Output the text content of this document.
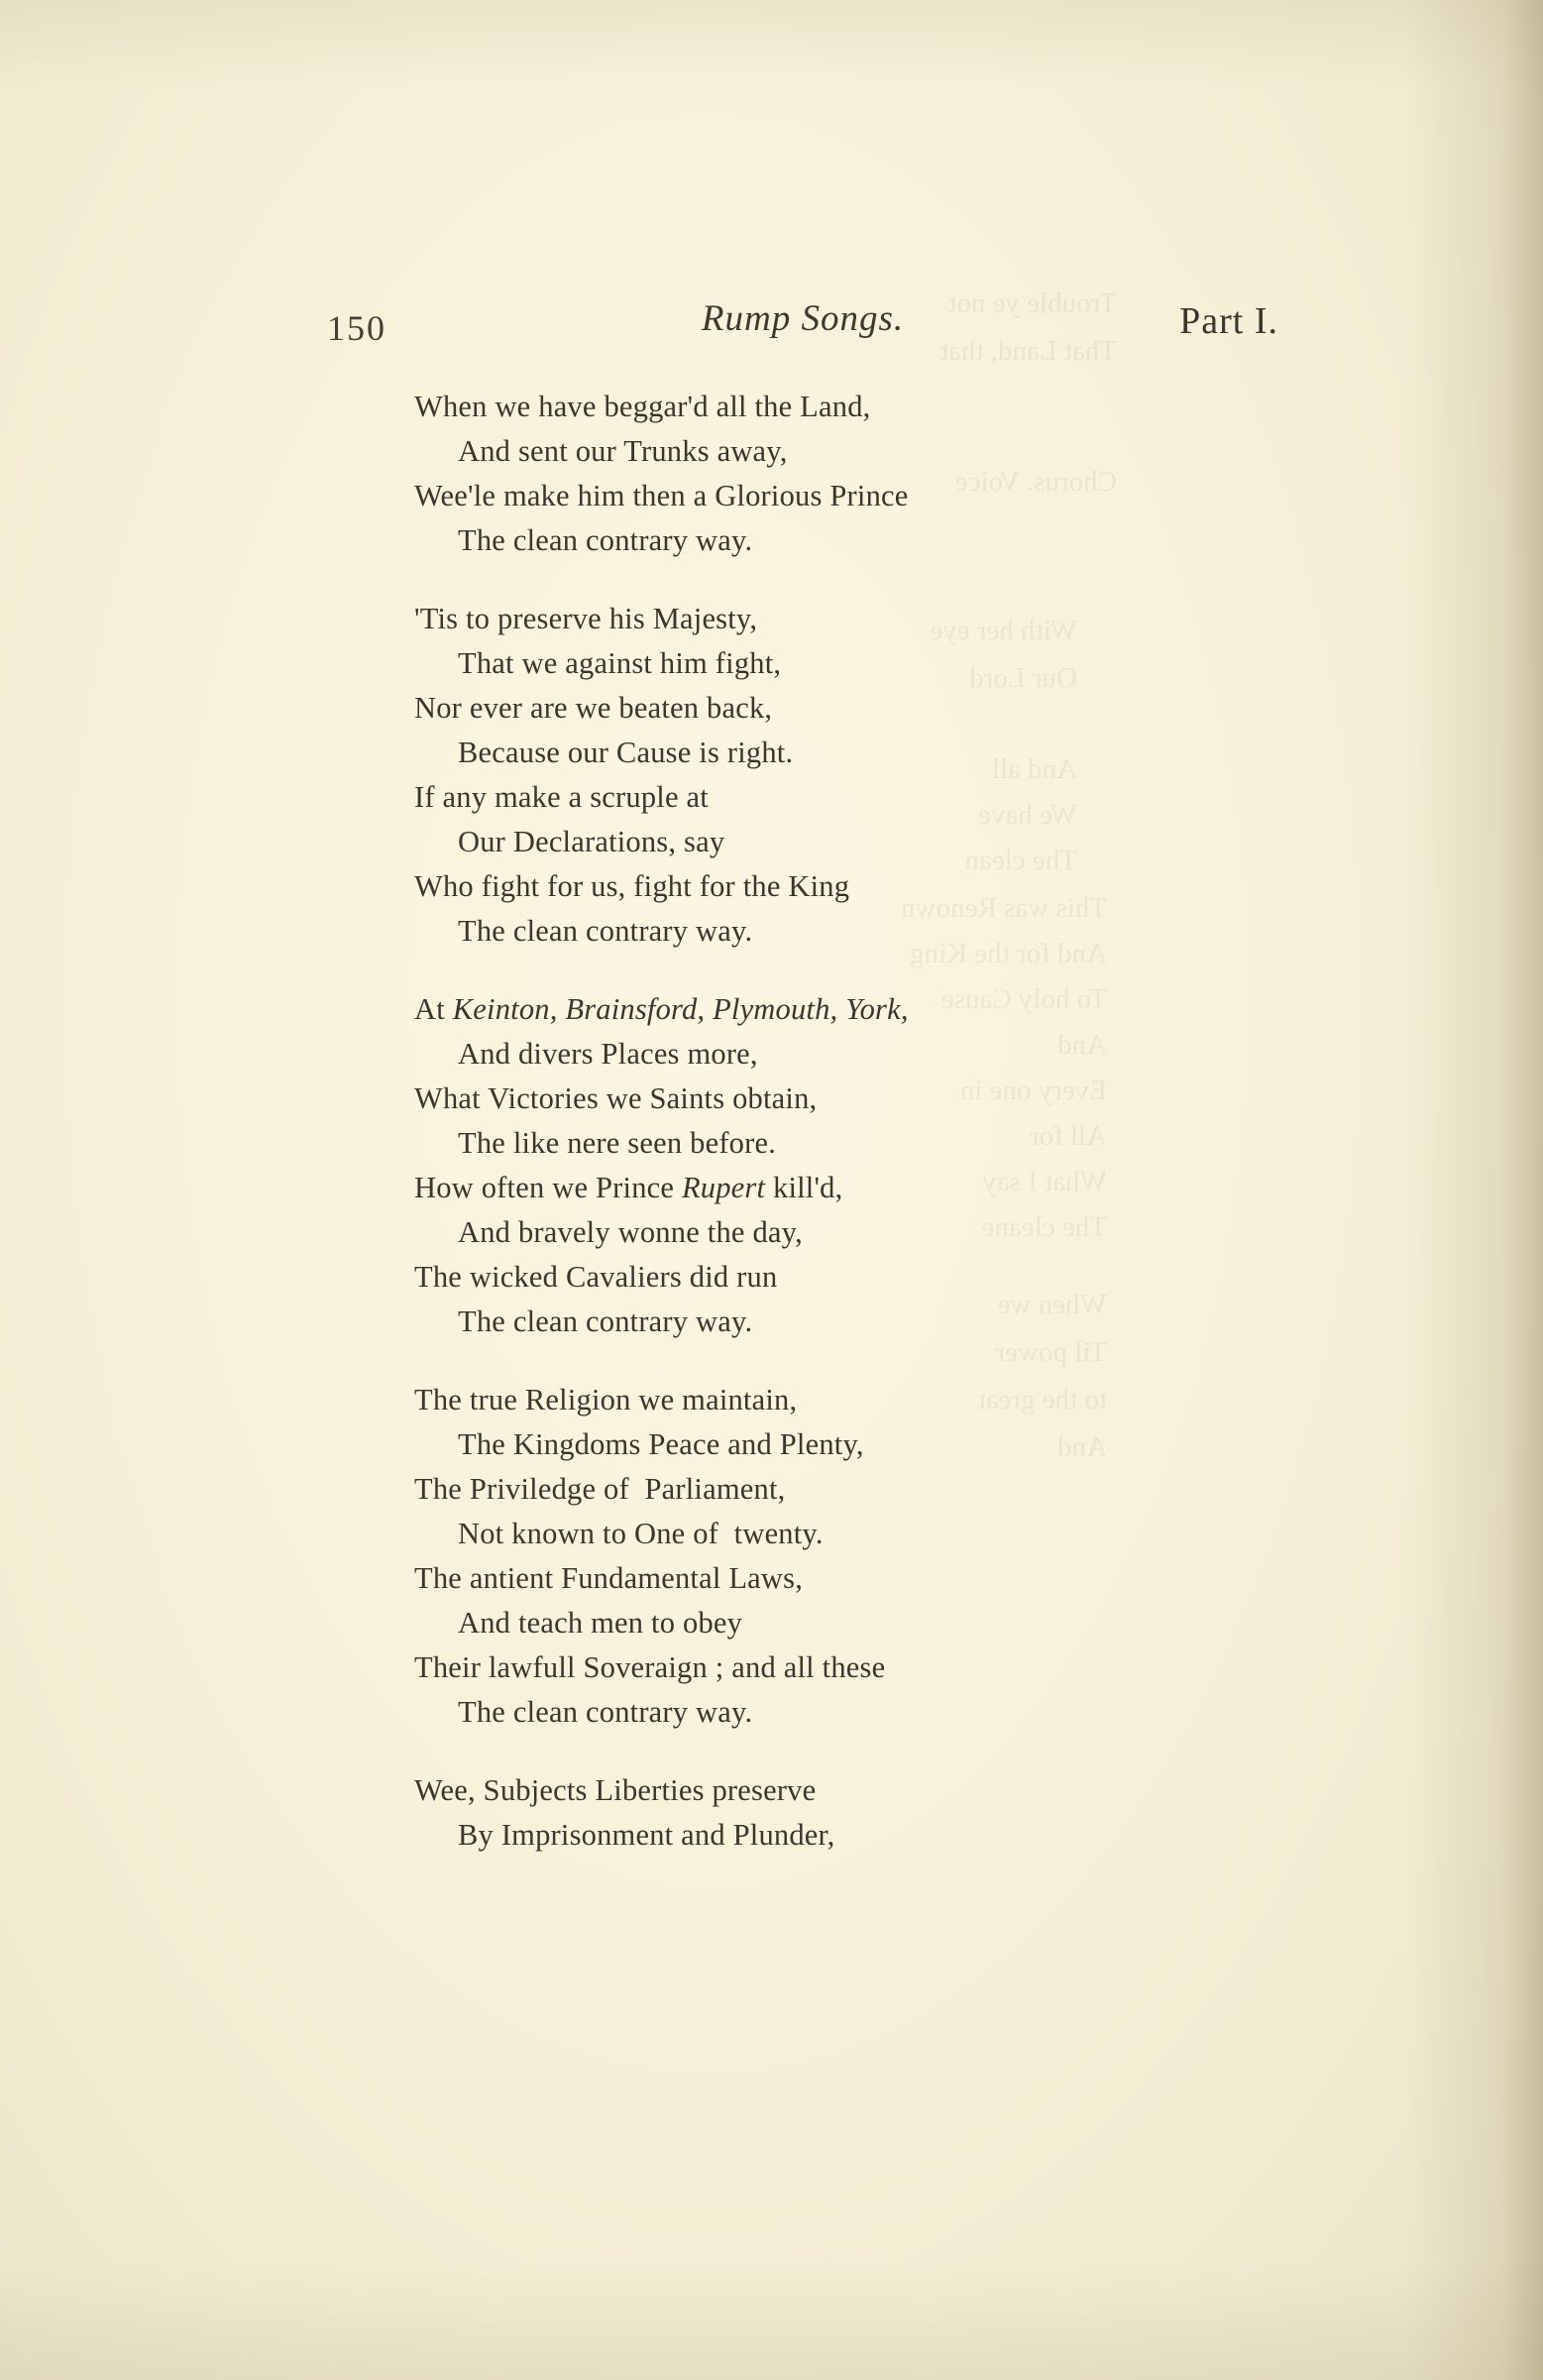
Trouble ye not
That Land, that
Chorus. Voice
With her eye
Our Lord
And all
We have
The clean
This was Renown
And for the King
To holy Cause
And
Every one in
All for
What I say
The cleane
When we
Til power
to the great
And
150	Rump Songs.	Part I.
When we have beggar'd all the Land,
And sent our Trunks away,
Wee'le make him then a Glorious Prince
The clean contrary way.
'Tis to preserve his Majesty,
That we against him fight,
Nor ever are we beaten back,
Because our Cause is right.
If any make a scruple at
Our Declarations, say
Who fight for us, fight for the King
The clean contrary way.
At Keinton, Brainsford, Plymouth, York,
And divers Places more,
What Victories we Saints obtain,
The like nere seen before.
How often we Prince Rupert kill'd,
And bravely wonne the day,
The wicked Cavaliers did run
The clean contrary way.
The true Religion we maintain,
The Kingdoms Peace and Plenty,
The Priviledge of  Parliament,
Not known to One of  twenty.
The antient Fundamental Laws,
And teach men to obey
Their lawfull Soveraign ; and all these
The clean contrary way.
Wee, Subjects Liberties preserve
By Imprisonment and Plunder,
